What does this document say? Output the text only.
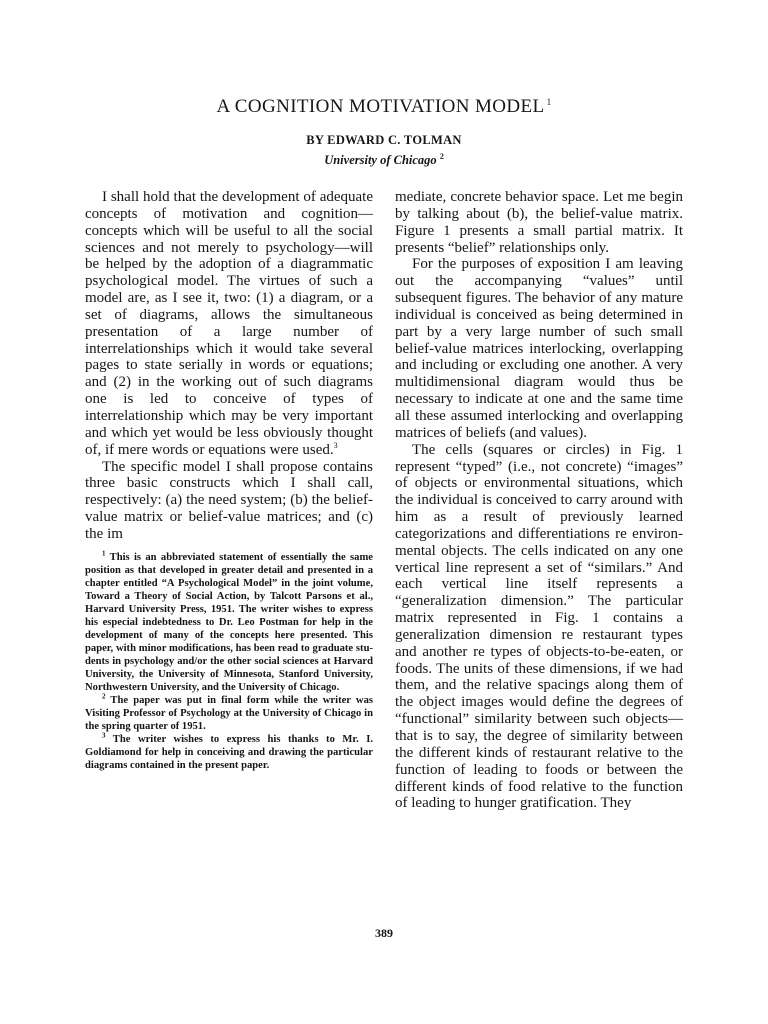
A COGNITION MOTIVATION MODEL $^1$
BY EDWARD C. TOLMAN
University of Chicago $^2$

I shall hold that the development of adequate concepts of motivation and cognition—concepts which will be useful to all the social sciences and not merely to psychology—will be helped by the adoption of a diagrammatic psychological model. The virtues of such a model are, as I see it, two: (1) a diagram, or a set of diagrams, allows the simultaneous presentation of a large number of interrelationships which it would take several pages to state serially in words or equations; and (2) in the working out of such diagrams one is led to conceive of types of interrelationship which may be very important and which yet would be less obviously thought of, if mere words or equations were used.$^3$

The specific model I shall propose contains three basic constructs which I shall call, respectively: (a) the need system; (b) the belief-value matrix or belief-value matrices; and (c) the im

$^1$ This is an abbreviated statement of essentially the same position as that developed in greater detail and presented in a chapter entitled “A Psychological Model” in the joint volume, Toward a Theory of Social Action, by Talcott Parsons et al., Harvard University Press, 1951. The writer wishes to express his especial indebtedness to Dr. Leo Postman for help in the development of many of the concepts here presented. This paper, with minor modifications, has been read to graduate students in psychology and/or the other social sciences at Harvard University, the University of Minnesota, Stanford University, Northwestern University, and the University of Chicago.

$^2$ The paper was put in final form while the writer was Visiting Professor of Psychology at the University of Chicago in the spring quarter of 1951.

$^3$ The writer wishes to express his thanks to Mr. I. Goldiamond for help in conceiving and drawing the particular diagrams contained in the present paper.

mediate, concrete behavior space. Let me begin by talking about (b), the belief-value matrix. Figure 1 presents a small partial matrix. It presents “belief” relationships only.

For the purposes of exposition I am leaving out the accompanying “values” until subsequent figures. The behavior of any mature individual is conceived as being determined in part by a very large number of such small belief-value matrices interlocking, overlapping and including or excluding one another. A very multidimensional diagram would thus be necessary to indicate at one and the same time all these assumed interlocking and overlapping matrices of beliefs (and values).

The cells (squares or circles) in Fig. 1 represent “typed” (i.e., not concrete) “images” of objects or environmental situations, which the individual is conceived to carry around with him as a result of previously learned categorizations and differentiations re environmental objects. The cells indicated on any one vertical line represent a set of “similars.” And each vertical line itself represents a “generalization dimension.” The particular matrix represented in Fig. 1 contains a generalization dimension re restaurant types and another re types of objects-to-be-eaten, or foods. The units of these dimensions, if we had them, and the relative spacings along them of the object images would define the degrees of “functional” similarity between such objects—that is to say, the degree of similarity between the different kinds of restaurant relative to the function of leading to foods or between the different kinds of food relative to the function of leading to hunger gratification. They

389
